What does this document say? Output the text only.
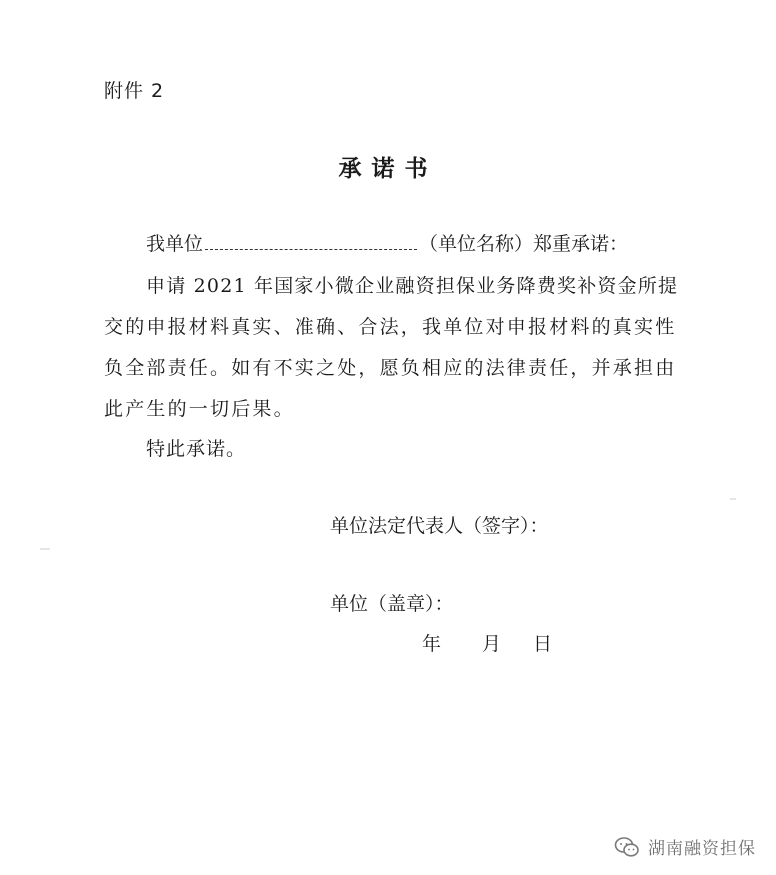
附件 2
承诺书
我单位	（单位名称）郑重承诺：
申请 2021 年国家小微企业融资担保业务降费奖补资金所提
交的申报材料真实、准确、合法，我单位对申报材料的真实性
负全部责任。如有不实之处，愿负相应的法律责任，并承担由
此产生的一切后果。
特此承诺。
单位法定代表人（签字）：
单位（盖章）：
年 月 日
湖南融资担保
